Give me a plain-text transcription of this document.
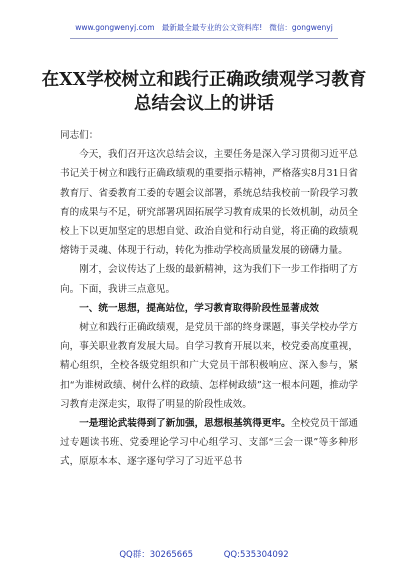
www.gongwenyj.com 最新最全最专业的公文资料库! 微信：gongwenyj
在XX学校树立和践行正确政绩观学习教育总结会议上的讲话

同志们：

今天，我们召开这次总结会议，主要任务是深入学习贯彻习近平总书记关于树立和践行正确政绩观的重要指示精神，严格落实8月31日省教育厅、省委教育工委的专题会议部署，系统总结我校前一阶段学习教育的成果与不足，研究部署巩固拓展学习教育成果的长效机制，动员全校上下以更加坚定的思想自觉、政治自觉和行动自觉，将正确的政绩观熔铸于灵魂、体现于行动，转化为推动学校高质量发展的磅礴力量。

刚才，会议传达了上级的最新精神，这为我们下一步工作指明了方向。下面，我讲三点意见。

一、统一思想，提高站位，学习教育取得阶段性显著成效

树立和践行正确政绩观，是党员干部的终身课题，事关学校办学方向，事关职业教育发展大局。自学习教育开展以来，校党委高度重视，精心组织，全校各级党组织和广大党员干部积极响应、深入参与，紧扣“为谁树政绩、树什么样的政绩、怎样树政绩”这一根本问题，推动学习教育走深走实，取得了明显的阶段性成效。

一是理论武装得到了新加强，思想根基筑得更牢。全校党员干部通过专题读书班、党委理论学习中心组学习、支部“三会一课”等多种形式，原原本本、逐字逐句学习了习近平总书

QQ群：30265665	QQ:535304092
